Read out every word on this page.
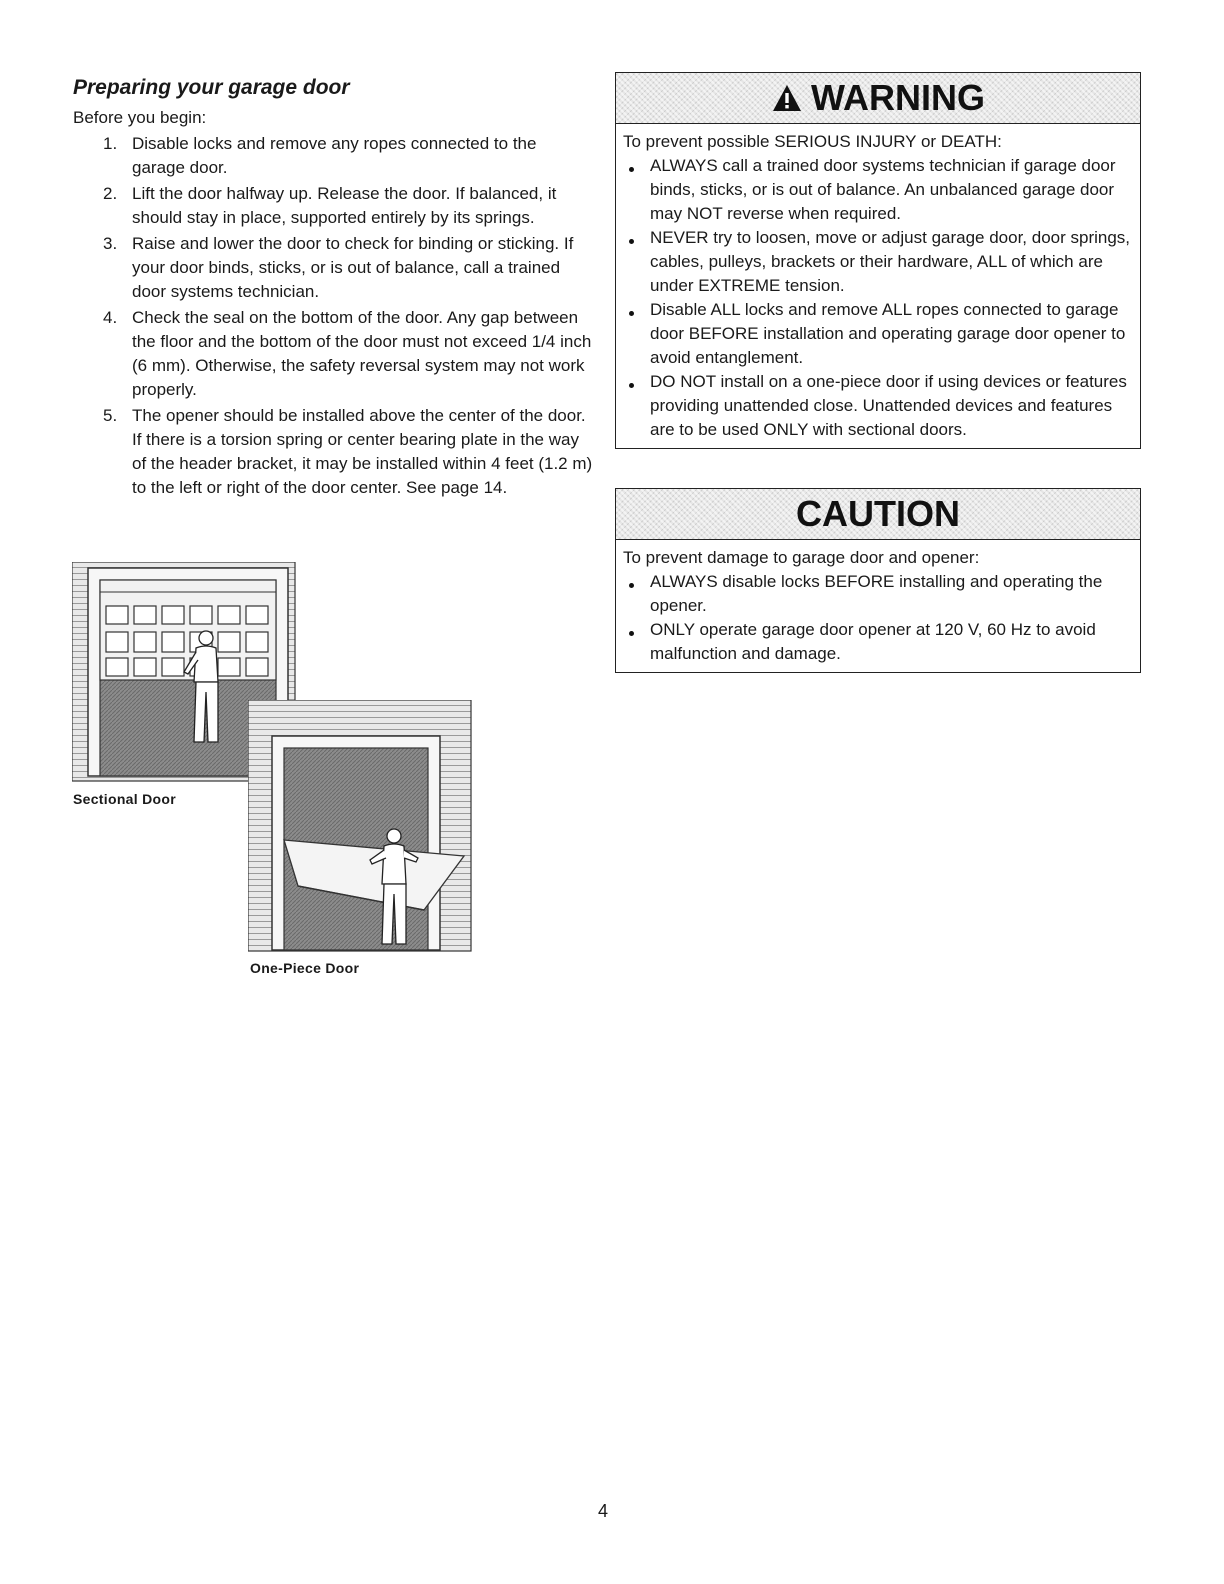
Preparing your garage door

Before you begin:

1. Disable locks and remove any ropes connected to the garage door.
2. Lift the door halfway up. Release the door. If balanced, it should stay in place, supported entirely by its springs.
3. Raise and lower the door to check for binding or sticking. If your door binds, sticks, or is out of balance, call a trained door systems technician.
4. Check the seal on the bottom of the door. Any gap between the floor and the bottom of the door must not exceed 1/4 inch (6 mm). Otherwise, the safety reversal system may not work properly.
5. The opener should be installed above the center of the door. If there is a torsion spring or center bearing plate in the way of the header bracket, it may be installed within 4 feet (1.2 m) to the left or right of the door center. See page 14.
Sectional Door
One-Piece Door
WARNING

To prevent possible SERIOUS INJURY or DEATH:

ALWAYS call a trained door systems technician if garage door binds, sticks, or is out of balance. An unbalanced garage door may NOT reverse when required.
NEVER try to loosen, move or adjust garage door, door springs, cables, pulleys, brackets or their hardware, ALL of which are under EXTREME tension.
Disable ALL locks and remove ALL ropes connected to garage door BEFORE installation and operating garage door opener to avoid entanglement.
DO NOT install on a one-piece door if using devices or features providing unattended close. Unattended devices and features are to be used ONLY with sectional doors.
CAUTION

To prevent damage to garage door and opener:

ALWAYS disable locks BEFORE installing and operating the opener.
ONLY operate garage door opener at 120 V, 60 Hz to avoid malfunction and damage.
4
